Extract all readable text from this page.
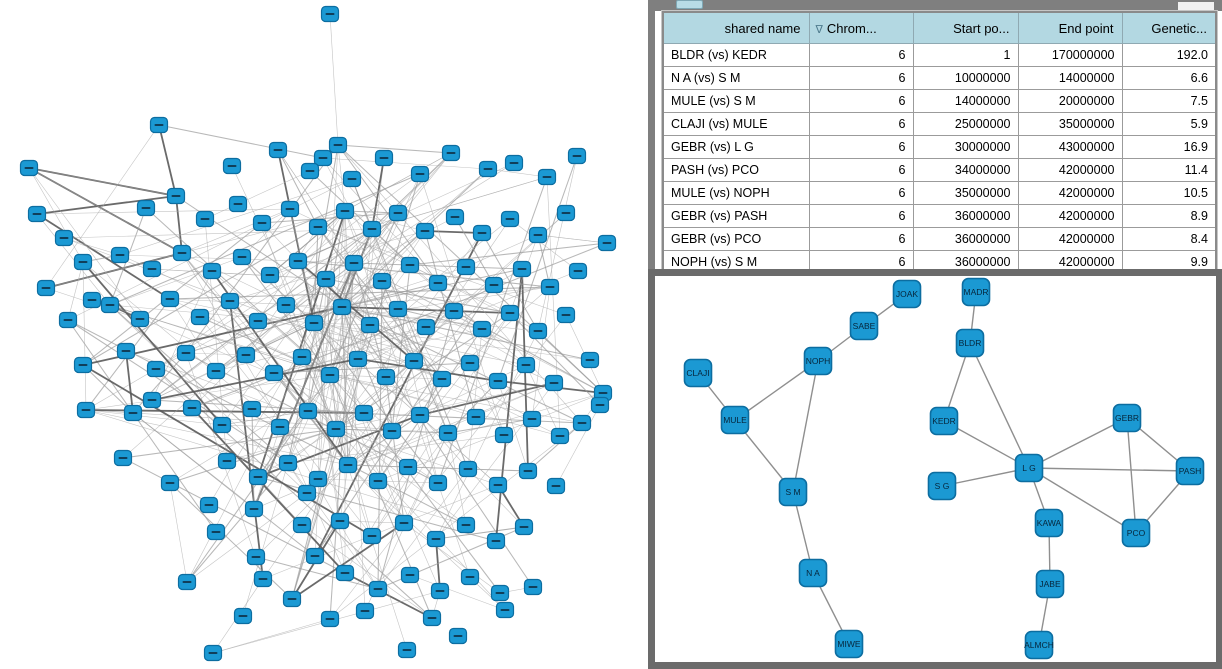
shared name	∇ Chrom...	Start po...	End point	Genetic...
BLDR (vs) KEDR	6	1	170000000	192.0
N A (vs) S M	6	10000000	14000000	6.6
MULE (vs) S M	6	14000000	20000000	7.5
CLAJI (vs) MULE	6	25000000	35000000	5.9
GEBR (vs) L G	6	30000000	43000000	16.9
PASH (vs) PCO	6	34000000	42000000	11.4
MULE (vs) NOPH	6	35000000	42000000	10.5
GEBR (vs) PASH	6	36000000	42000000	8.9
GEBR (vs) PCO	6	36000000	42000000	8.4
NOPH (vs) S M	6	36000000	42000000	9.9
JOAK
SABE
NOPH
CLAJI
MULE
S M
N A
MIWE
MADR
BLDR
KEDR
S G
L G
GEBR
PASH
KAWA
PCO
JABE
ALMCH
